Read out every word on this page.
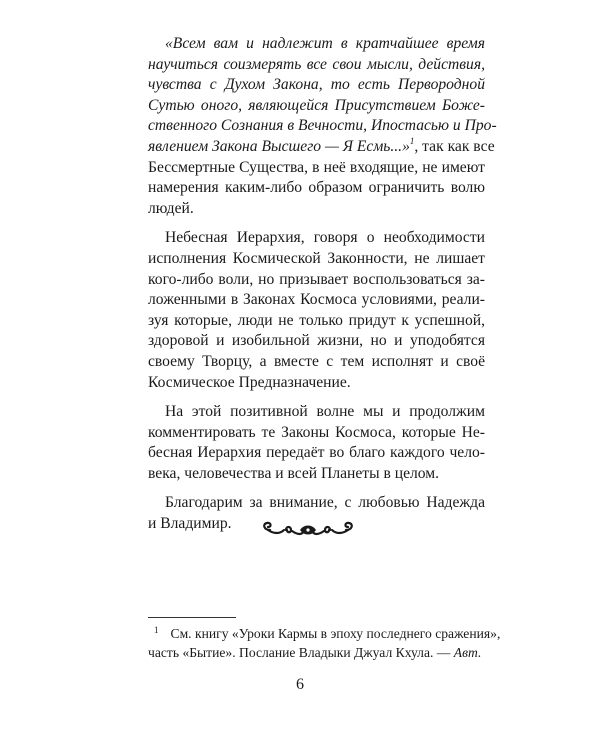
«Всем вам и надлежит в кратчайшее время
научиться соизмерять все свои мысли, действия,
чувства с Духом Закона, то есть Первородной
Сутью оного, являющейся Присутствием Боже-
ственного Сознания в Вечности, Ипостасью и Про-
явлением Закона Высшего — Я Есмь...»$^1$, так как все
Бессмертные Существа, в неё входящие, не имеют
намерения каким-либо образом ограничить волю
людей.
Небесная Иерархия, говоря о необходимости
исполнения Космической Законности, не лишает
кого-либо воли, но призывает воспользоваться за-
ложенными в Законах Космоса условиями, реали-
зуя которые, люди не только придут к успешной,
здоровой и изобильной жизни, но и уподобятся
своему Творцу, а вместе с тем исполнят и своё
Космическое Предназначение.
На этой позитивной волне мы и продолжим
комментировать те Законы Космоса, которые Не-
бесная Иерархия передаёт во благо каждого чело-
века, человечества и всей Планеты в целом.
Благодарим за внимание, с любовью Надежда
и Владимир.
$^1$ См. книгу «Уроки Кармы в эпоху последнего сражения»,
часть «Бытие». Послание Владыки Джуал Кхула. — Авт.
6
